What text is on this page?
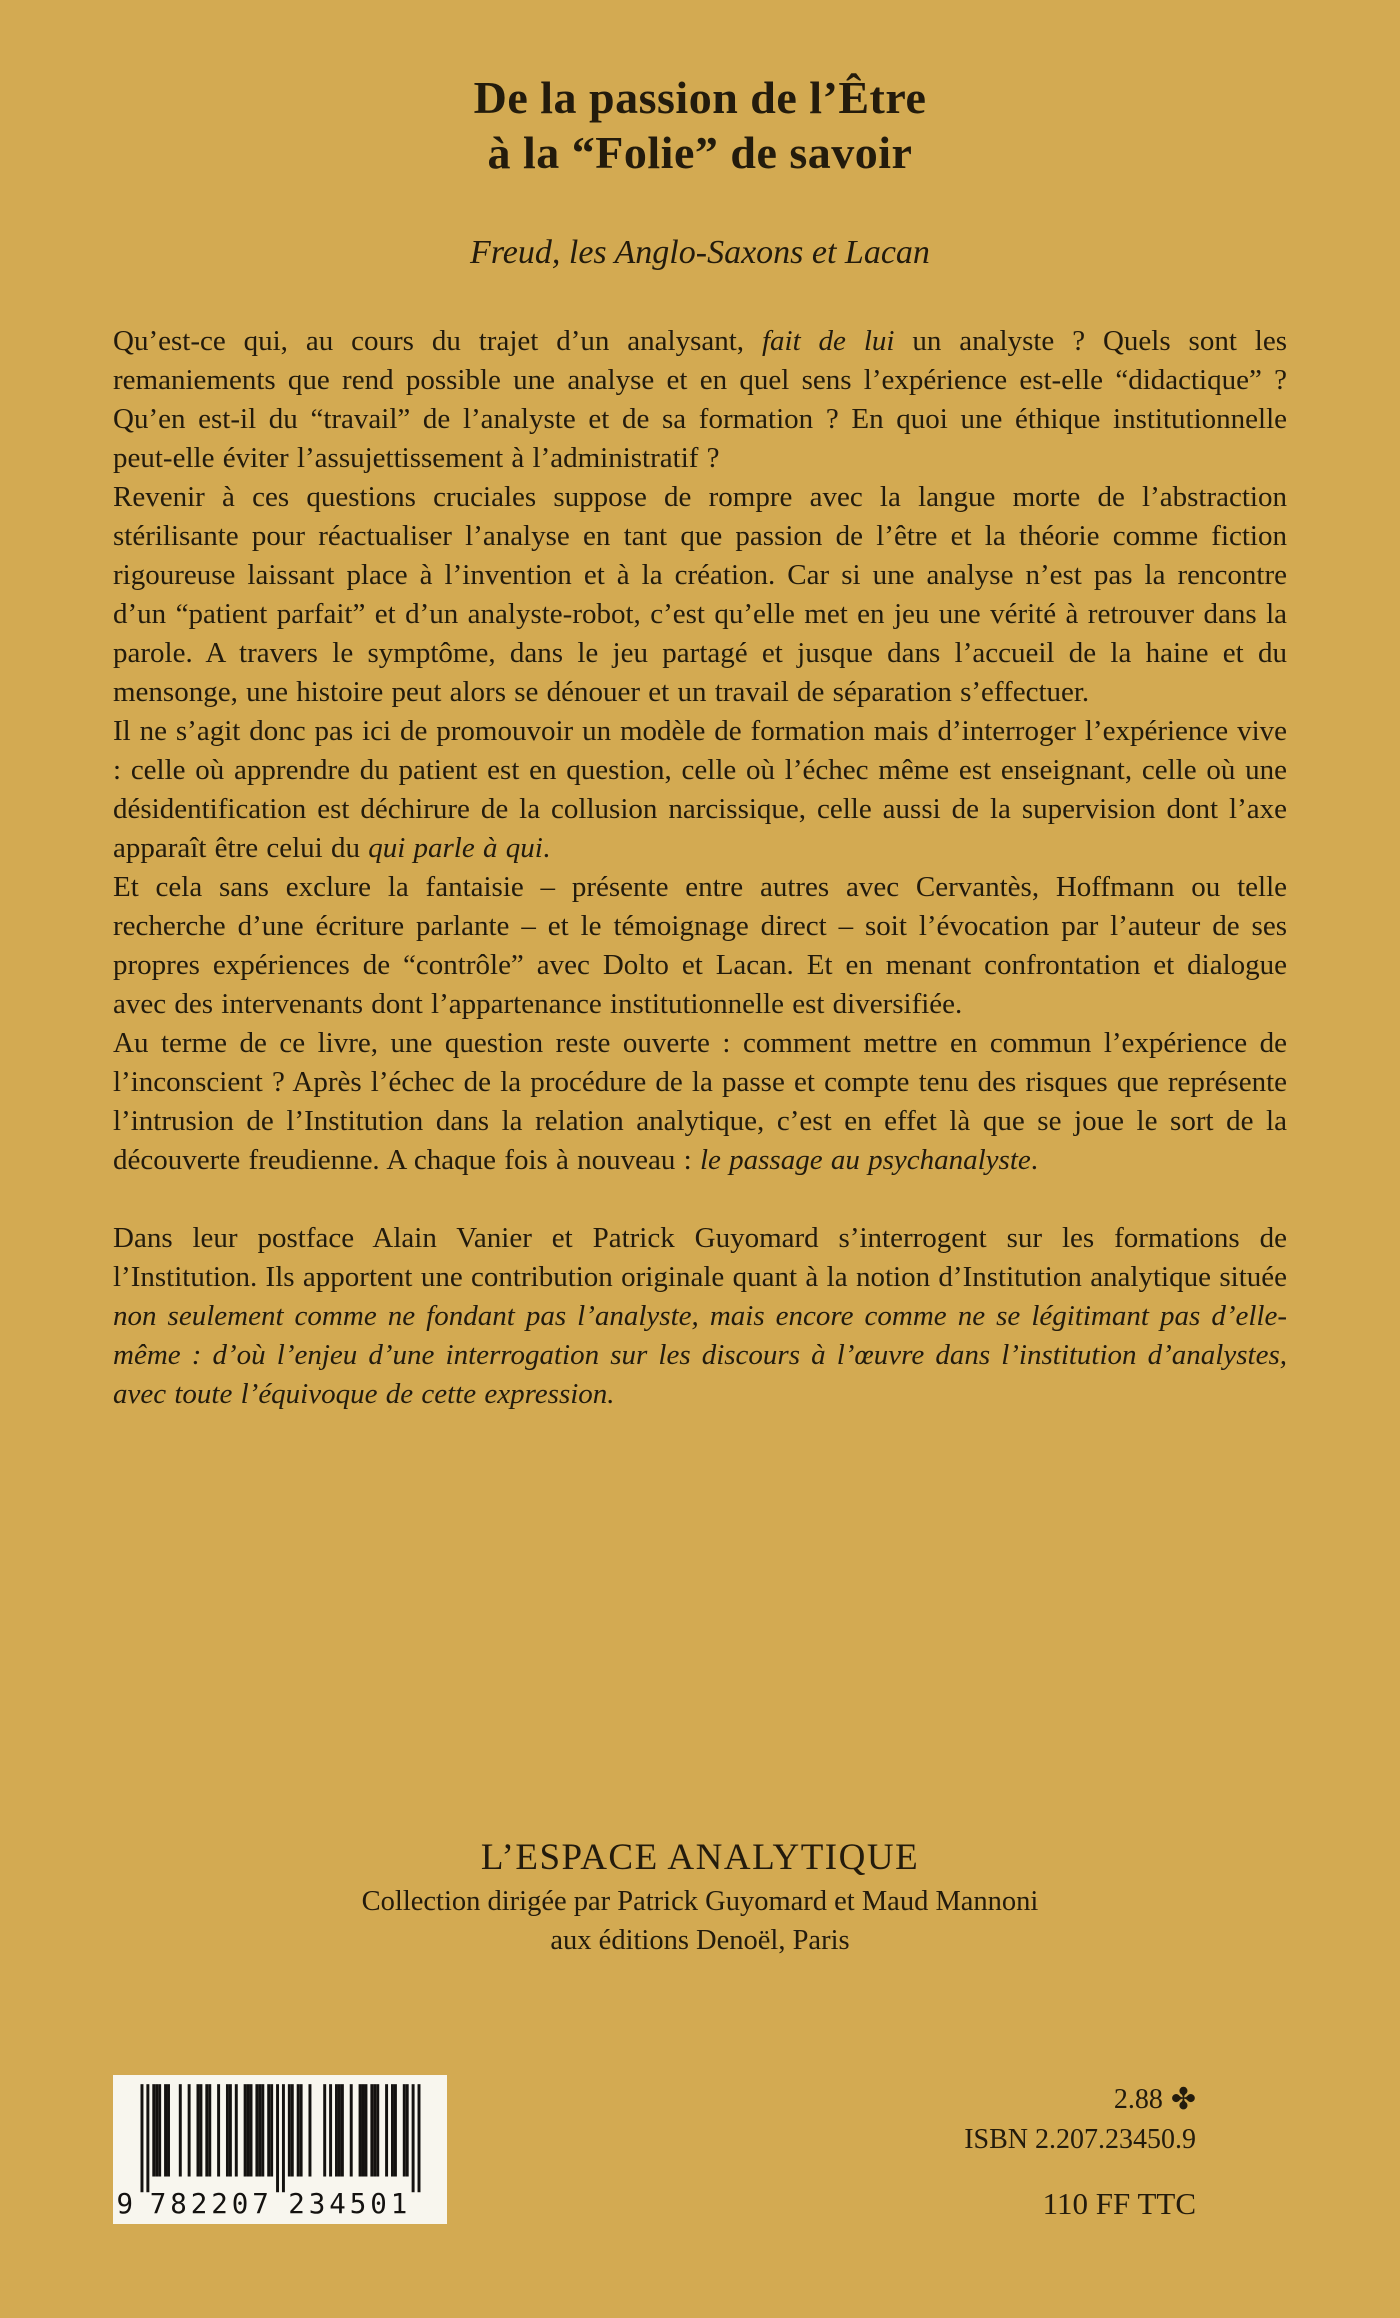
De la passion de l’Être
à la “Folie” de savoir
Freud, les Anglo-Saxons et Lacan

Qu’est-ce qui, au cours du trajet d’un analysant, fait de lui un analyste ? Quels sont les remaniements que rend possible une analyse et en quel sens l’expérience est-elle “didactique” ? Qu’en est-il du “travail” de l’analyste et de sa formation ? En quoi une éthique institutionnelle peut-elle éviter l’assujettissement à l’administratif ?

Revenir à ces questions cruciales suppose de rompre avec la langue morte de l’abstraction stérilisante pour réactualiser l’analyse en tant que passion de l’être et la théorie comme fiction rigoureuse laissant place à l’invention et à la création. Car si une analyse n’est pas la rencontre d’un “patient parfait” et d’un analyste-robot, c’est qu’elle met en jeu une vérité à retrouver dans la parole. A travers le symptôme, dans le jeu partagé et jusque dans l’accueil de la haine et du mensonge, une histoire peut alors se dénouer et un travail de séparation s’effectuer.

Il ne s’agit donc pas ici de promouvoir un modèle de formation mais d’interroger l’expérience vive : celle où apprendre du patient est en question, celle où l’échec même est enseignant, celle où une désidentification est déchirure de la collusion narcissique, celle aussi de la supervision dont l’axe apparaît être celui du qui parle à qui.

Et cela sans exclure la fantaisie – présente entre autres avec Cervantès, Hoffmann ou telle recherche d’une écriture parlante – et le témoignage direct – soit l’évocation par l’auteur de ses propres expériences de “contrôle” avec Dolto et Lacan. Et en menant confrontation et dialogue avec des intervenants dont l’appartenance institutionnelle est diversifiée.

Au terme de ce livre, une question reste ouverte : comment mettre en commun l’expérience de l’inconscient ? Après l’échec de la procédure de la passe et compte tenu des risques que représente l’intrusion de l’Institution dans la relation analytique, c’est en effet là que se joue le sort de la découverte freudienne. A chaque fois à nouveau : le passage au psychanalyste.

Dans leur postface Alain Vanier et Patrick Guyomard s’interrogent sur les formations de l’Institution. Ils apportent une contribution originale quant à la notion d’Institution analytique située non seulement comme ne fondant pas l’analyste, mais encore comme ne se légitimant pas d’elle-même : d’où l’enjeu d’une interrogation sur les discours à l’œuvre dans l’institution d’analystes, avec toute l’équivoque de cette expression.

L’ESPACE ANALYTIQUE
Collection dirigée par Patrick Guyomard et Maud Mannoni
aux éditions Denoël, Paris
9 782207 234501
2.88 ✤
ISBN 2.207.23450.9
110 FF TTC
